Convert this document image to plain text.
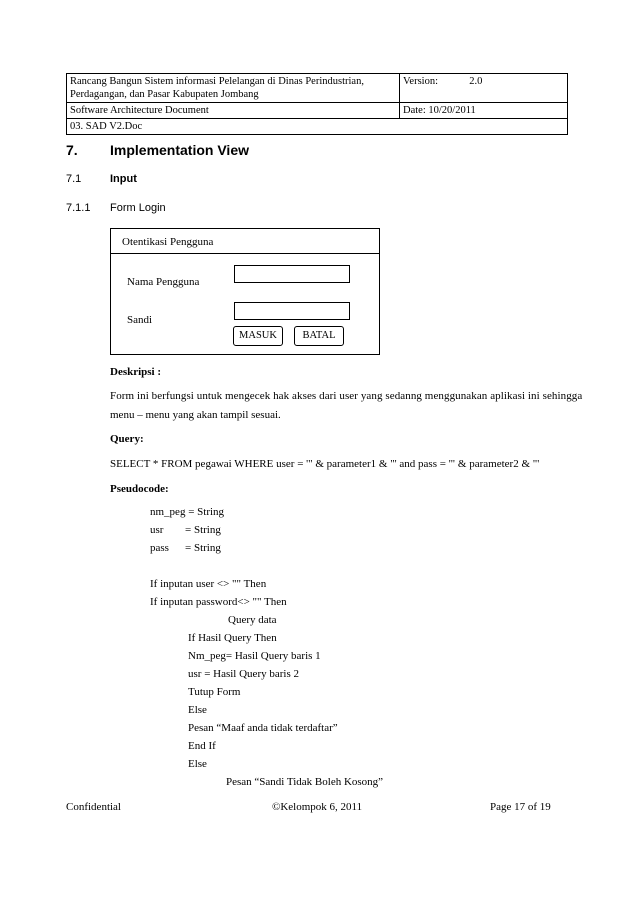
Rancang Bangun Sistem informasi Pelelangan di Dinas Perindustrian,
Perdagangan, dan Pasar Kabupaten Jombang	Version: 2.0
Software Architecture Document	Date: 10/20/2011
03. SAD V2.Doc	
7. Implementation View
7.1	Input
7.1.1 Form Login
Otentikasi Pengguna
Nama Pengguna
Sandi
MASUK	BATAL
Deskripsi :
Form ini berfungsi untuk mengecek hak akses dari user yang sedanng menggunakan aplikasi ini sehingga
menu – menu yang akan tampil sesuai.
Query:
SELECT * FROM pegawai WHERE user = '" & parameter1 & "' and pass = '" & parameter2 & "'
Pseudocode:
nm_peg = String
usr = String
pass = String
If inputan user <> "" Then
If inputan password<> "" Then
Query data
If Hasil Query Then
Nm_peg= Hasil Query baris 1
usr = Hasil Query baris 2
Tutup Form
Else
Pesan “Maaf anda tidak terdaftar”
End If
Else
Pesan “Sandi Tidak Boleh Kosong”
Confidential	©Kelompok 6, 2011	Page 17 of 19
